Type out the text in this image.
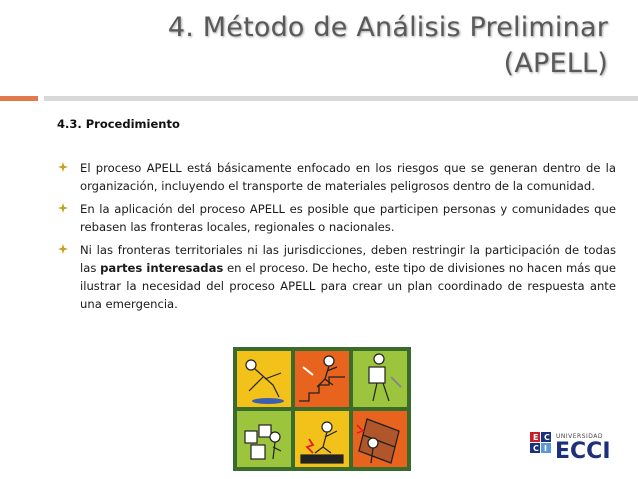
4. Método de Análisis Preliminar
(APELL)
4.3. Procedimiento
El proceso APELL está básicamente enfocado en los riesgos que se generan dentro de la organización, incluyendo el transporte de materiales peligrosos dentro de la comunidad.
En la aplicación del proceso APELL es posible que participen personas y comunidades que rebasen las fronteras locales, regionales o nacionales.
Ni las fronteras territoriales ni las jurisdicciones, deben restringir la participación de todas las partes interesadas en el proceso. De hecho, este tipo de divisiones no hacen más que ilustrar la necesidad del proceso APELL para crear un plan coordinado de respuesta ante una emergencia.
E C
C I
UNIVERSIDAD
ECCI
